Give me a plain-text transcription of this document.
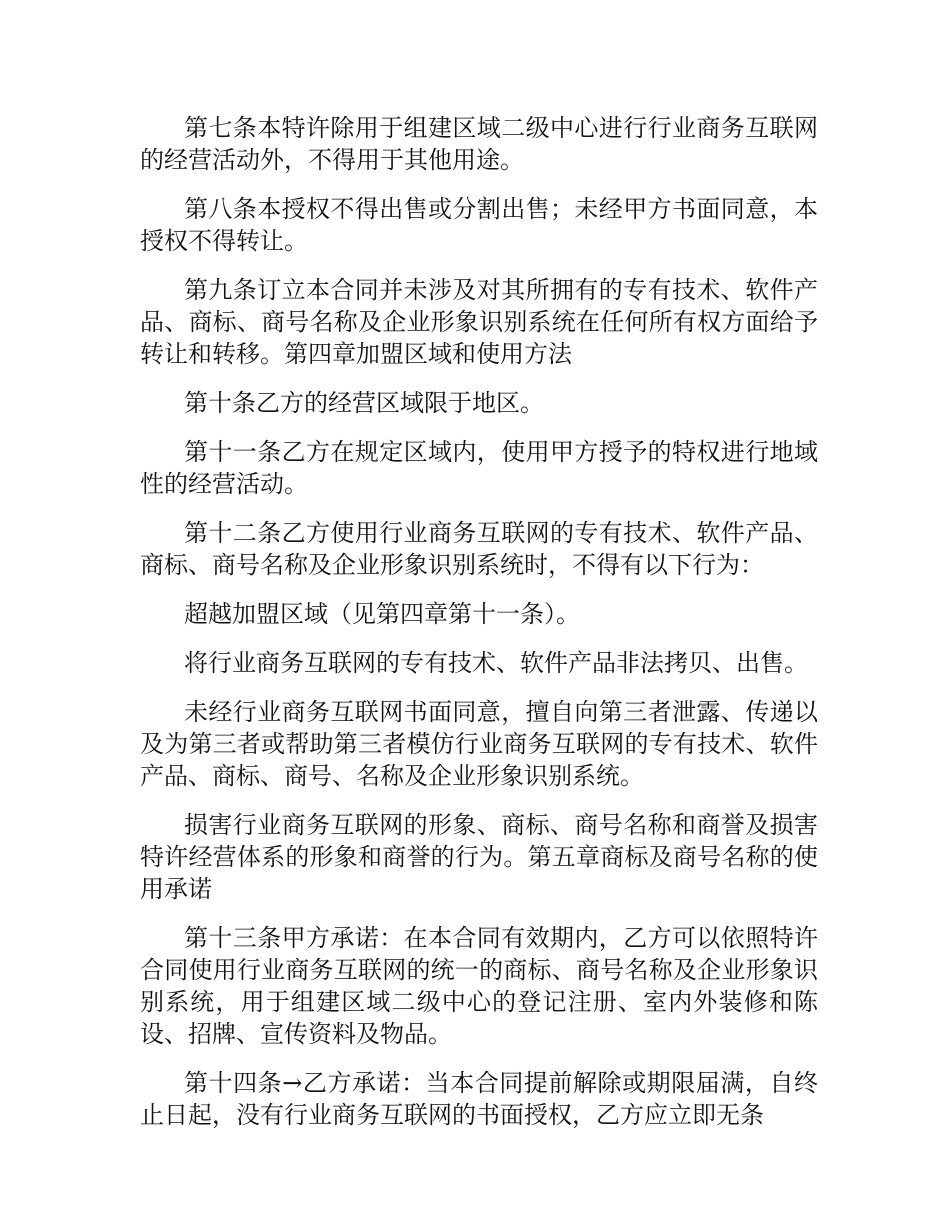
第七条本特许除用于组建区域二级中心进行行业商务互联网的经营活动外，不得用于其他用途。

第八条本授权不得出售或分割出售；未经甲方书面同意，本授权不得转让。

第九条订立本合同并未涉及对其所拥有的专有技术、软件产品、商标、商号名称及企业形象识别系统在任何所有权方面给予转让和转移。第四章加盟区域和使用方法

第十条乙方的经营区域限于地区。

第十一条乙方在规定区域内，使用甲方授予的特权进行地域性的经营活动。

第十二条乙方使用行业商务互联网的专有技术、软件产品、商标、商号名称及企业形象识别系统时，不得有以下行为：

超越加盟区域（见第四章第十一条）。

将行业商务互联网的专有技术、软件产品非法拷贝、出售。

未经行业商务互联网书面同意，擅自向第三者泄露、传递以及为第三者或帮助第三者模仿行业商务互联网的专有技术、软件产品、商标、商号、名称及企业形象识别系统。

损害行业商务互联网的形象、商标、商号名称和商誉及损害特许经营体系的形象和商誉的行为。第五章商标及商号名称的使用承诺

第十三条甲方承诺：在本合同有效期内，乙方可以依照特许合同使用行业商务互联网的统一的商标、商号名称及企业形象识别系统，用于组建区域二级中心的登记注册、室内外装修和陈设、招牌、宣传资料及物品。

第十四条→乙方承诺：当本合同提前解除或期限届满，自终止日起，没有行业商务互联网的书面授权，乙方应立即无条
